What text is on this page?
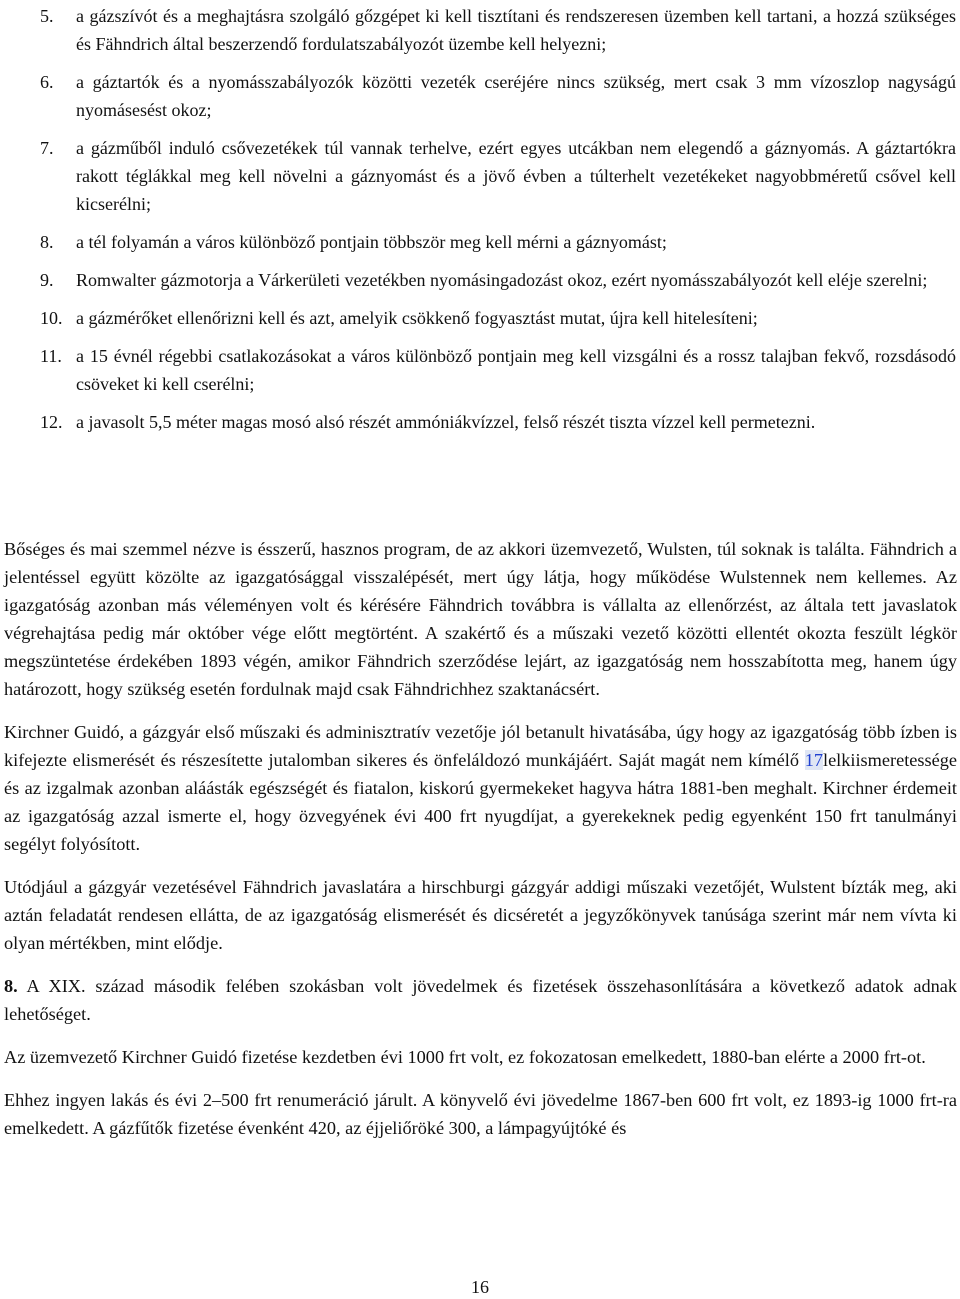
5. a gázszívót és a meghajtásra szolgáló gőzgépet ki kell tisztítani és rendszeresen üzemben kell tartani, a hozzá szükséges és Fähndrich által beszerzendő fordulatszabályozót üzembe kell helyezni;
6. a gáztartók és a nyomásszabályozók közötti vezeték cseréjére nincs szükség, mert csak 3 mm vízoszlop nagyságú nyomásesést okoz;
7. a gázműből induló csővezetékek túl vannak terhelve, ezért egyes utcákban nem elegendő a gáznyomás. A gáztartókra rakott téglákkal meg kell növelni a gáznyomást és a jövő évben a túlterhelt vezetékeket nagyobbméretű csővel kell kicserélni;
8. a tél folyamán a város különböző pontjain többször meg kell mérni a gáznyomást;
9. Romwalter gázmotorja a Várkerületi vezetékben nyomásingadozást okoz, ezért nyomásszabályozót kell eléje szerelni;
10. a gázmérőket ellenőrizni kell és azt, amelyik csökkenő fogyasztást mutat, újra kell hitelesíteni;
11. a 15 évnél régebbi csatlakozásokat a város különböző pontjain meg kell vizsgálni és a rossz talajban fekvő, rozsdásodó csöveket ki kell cserélni;
12. a javasolt 5,5 méter magas mosó alsó részét ammóniákvízzel, felső részét tiszta vízzel kell permetezni.

Bőséges és mai szemmel nézve is ésszerű, hasznos program, de az akkori üzemvezető, Wulsten, túl soknak is találta. Fähndrich a jelentéssel együtt közölte az igazgatósággal visszalépését, mert úgy látja, hogy működése Wulstennek nem kellemes. Az igazgatóság azonban más véleményen volt és kérésére Fähndrich továbbra is vállalta az ellenőrzést, az általa tett javaslatok végrehajtása pedig már október vége előtt megtörtént. A szakértő és a műszaki vezető közötti ellentét okozta feszült légkör megszüntetése érdekében 1893 végén, amikor Fähndrich szerződése lejárt, az igazgatóság nem hosszabította meg, hanem úgy határozott, hogy szükség esetén fordulnak majd csak Fähndrichhez szaktanácsért.

Kirchner Guidó, a gázgyár első műszaki és adminisztratív vezetője jól betanult hivatásába, úgy hogy az igazgatóság több ízben is kifejezte elismerését és részesítette jutalomban sikeres és önfeláldozó munkájáért. Saját magát nem kímélő 17lelkiismeretessége és az izgalmak azonban aláásták egészségét és fiatalon, kiskorú gyermekeket hagyva hátra 1881-ben meghalt. Kirchner érdemeit az igazgatóság azzal ismerte el, hogy özvegyének évi 400 frt nyugdíjat, a gyerekeknek pedig egyenként 150 frt tanulmányi segélyt folyósított.

Utódjául a gázgyár vezetésével Fähndrich javaslatára a hirschburgi gázgyár addigi műszaki vezetőjét, Wulstent bízták meg, aki aztán feladatát rendesen ellátta, de az igazgatóság elismerését és dicséretét a jegyzőkönyvek tanúsága szerint már nem vívta ki olyan mértékben, mint elődje.

8. A XIX. század második felében szokásban volt jövedelmek és fizetések összehasonlítására a következő adatok adnak lehetőséget.

Az üzemvezető Kirchner Guidó fizetése kezdetben évi 1000 frt volt, ez fokozatosan emelkedett, 1880-ban elérte a 2000 frt-ot.

Ehhez ingyen lakás és évi 2–500 frt renumeráció járult. A könyvelő évi jövedelme 1867-ben 600 frt volt, ez 1893-ig 1000 frt-ra emelkedett. A gázfűtők fizetése évenként 420, az éjjeliőröké 300, a lámpagyújtóké és

16
